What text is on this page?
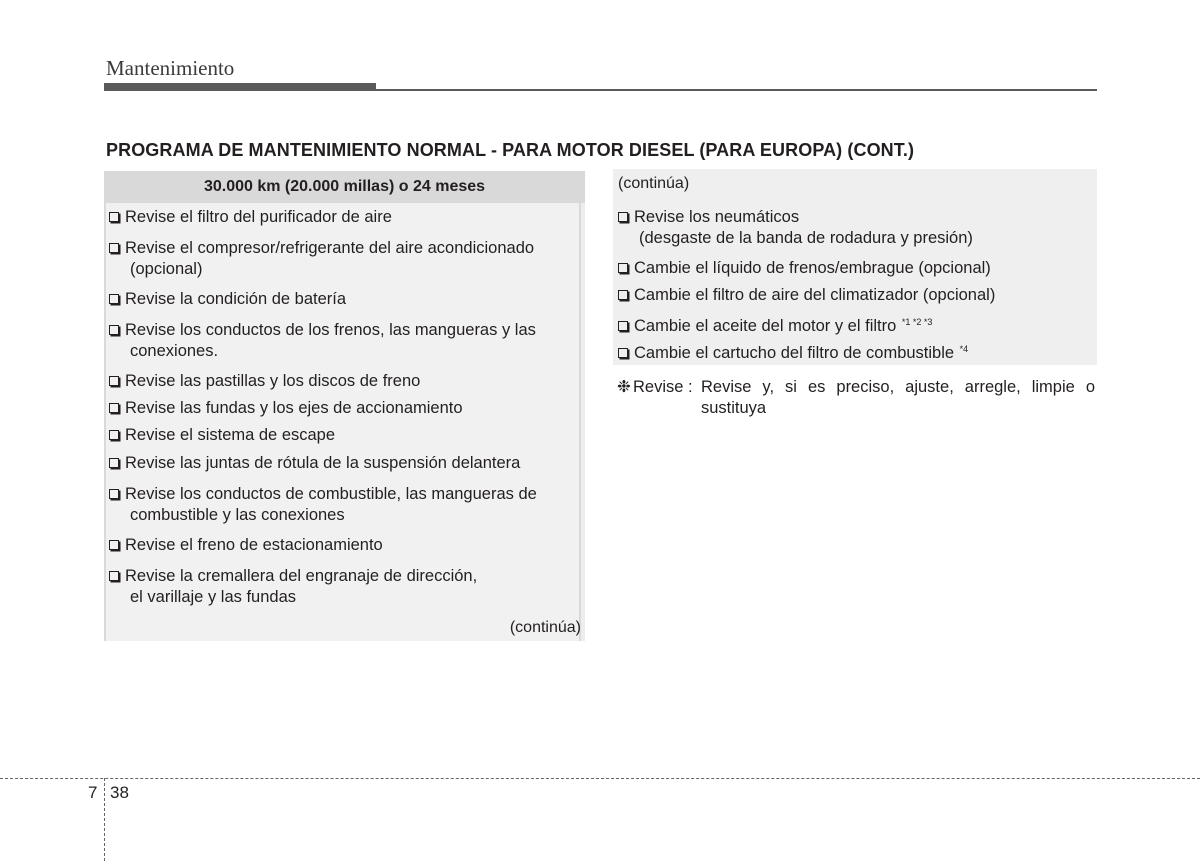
Mantenimiento
PROGRAMA DE MANTENIMIENTO NORMAL - PARA MOTOR DIESEL (PARA EUROPA) (CONT.)
30.000 km (20.000 millas) o 24 meses
(continúa)
Revise el filtro del purificador de aire
Revise el compresor/refrigerante del aire acondicionado
(opcional)
Revise la condición de batería
Revise los conductos de los frenos, las mangueras y las
conexiones.
Revise las pastillas y los discos de freno
Revise las fundas y los ejes de accionamiento
Revise el sistema de escape
Revise las juntas de rótula de la suspensión delantera
Revise los conductos de combustible, las mangueras de
combustible y las conexiones
Revise el freno de estacionamiento
Revise la cremallera del engranaje de dirección,
el varillaje y las fundas
(continúa)
Revise los neumáticos
(desgaste de la banda de rodadura y presión)
Cambie el líquido de frenos/embrague (opcional)
Cambie el filtro de aire del climatizador (opcional)
Cambie el aceite del motor y el filtro $^{*1 *2 *3}$
Cambie el cartucho del filtro de combustible $^{*4}$
❉ Revise : Revise y, si es preciso, ajuste, arregle, limpie o sustituya
7 38
